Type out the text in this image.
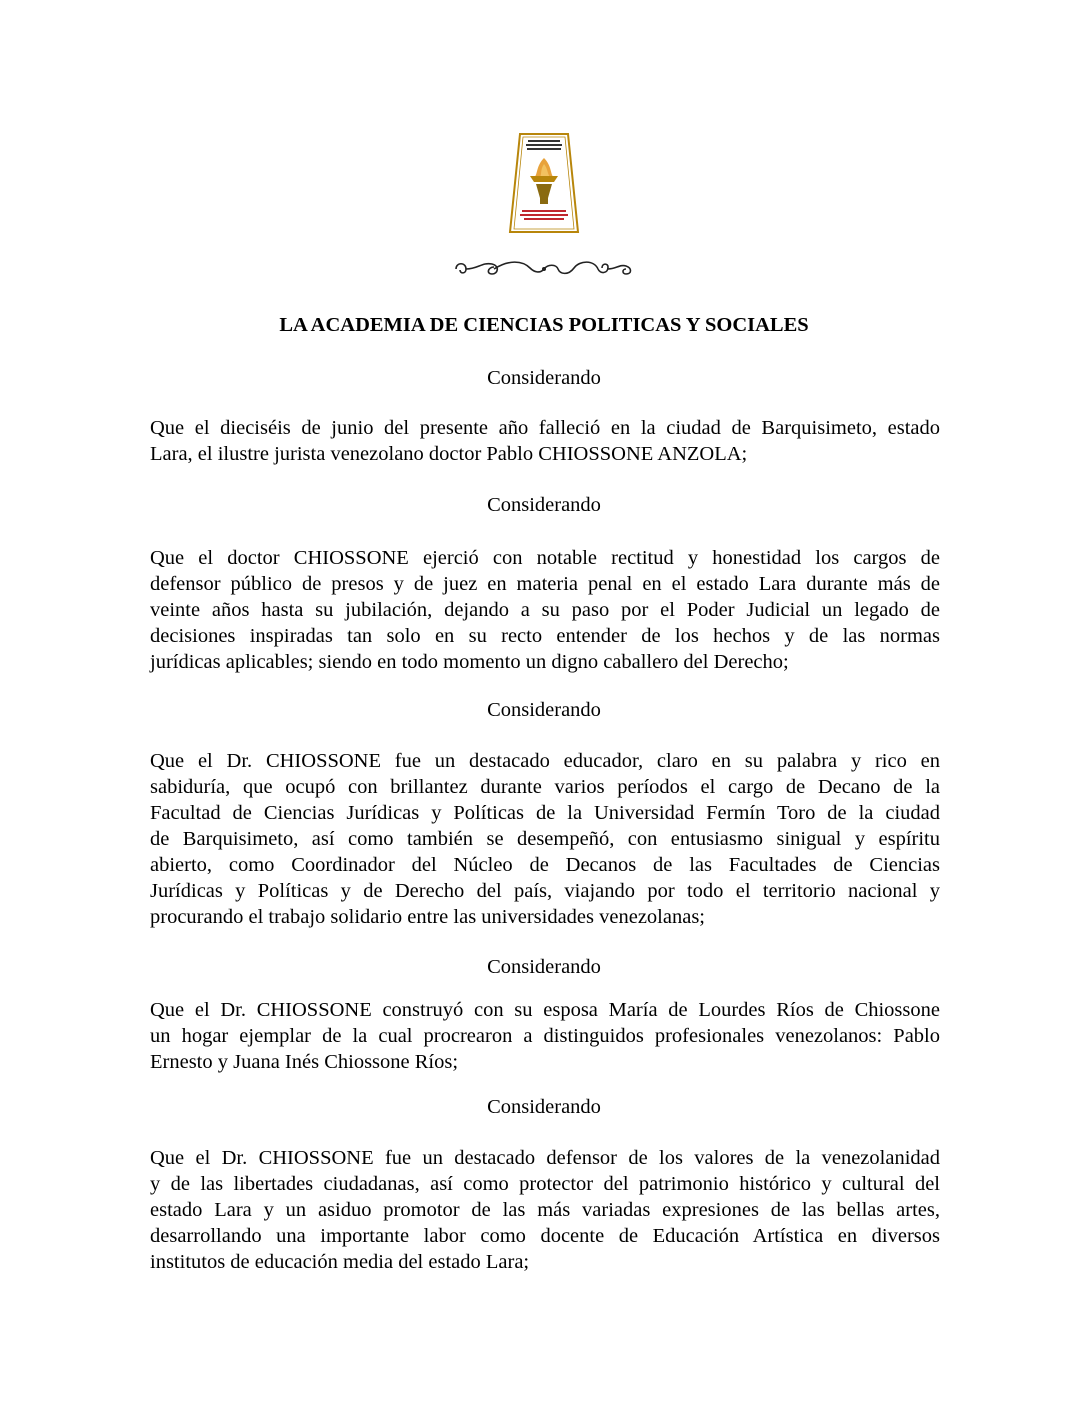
LA ACADEMIA DE CIENCIAS POLITICAS Y SOCIALES
Considerando
Que el dieciséis de junio del presente año falleció en la ciudad de Barquisimeto, estado
Lara, el ilustre jurista venezolano doctor Pablo CHIOSSONE ANZOLA;
Considerando
Que el doctor CHIOSSONE ejerció con notable rectitud y honestidad los cargos de
defensor público de presos y de juez en materia penal en el estado Lara durante más de
veinte años hasta su jubilación, dejando a su paso por el Poder Judicial un legado de
decisiones inspiradas tan solo en su recto entender de los hechos y de las normas
jurídicas aplicables; siendo en todo momento un digno caballero del Derecho;
Considerando
Que el Dr. CHIOSSONE fue un destacado educador, claro en su palabra y rico en
sabiduría, que ocupó con brillantez durante varios períodos el cargo de Decano de la
Facultad de Ciencias Jurídicas y Políticas de la Universidad Fermín Toro de la ciudad
de Barquisimeto, así como también se desempeñó, con entusiasmo sinigual y espíritu
abierto, como Coordinador del Núcleo de Decanos de las Facultades de Ciencias
Jurídicas y Políticas y de Derecho del país, viajando por todo el territorio nacional y
procurando el trabajo solidario entre las universidades venezolanas;
Considerando
Que el Dr. CHIOSSONE construyó con su esposa María de Lourdes Ríos de Chiossone
un hogar ejemplar de la cual procrearon a distinguidos profesionales venezolanos: Pablo
Ernesto y Juana Inés Chiossone Ríos;
Considerando
Que el Dr. CHIOSSONE fue un destacado defensor de los valores de la venezolanidad
y de las libertades ciudadanas, así como protector del patrimonio histórico y cultural del
estado Lara y un asiduo promotor de las más variadas expresiones de las bellas artes,
desarrollando una importante labor como docente de Educación Artística en diversos
institutos de educación media del estado Lara;
